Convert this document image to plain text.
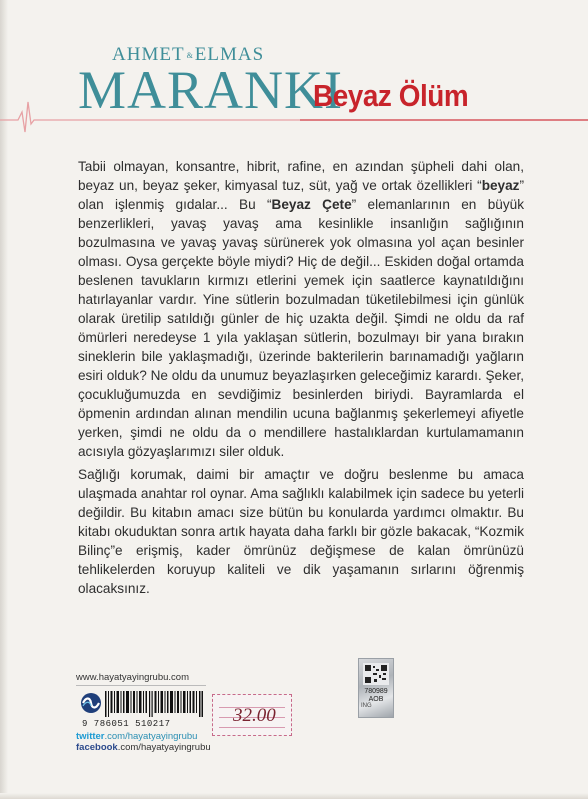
AHMET & ELMAS
MARANKI
Beyaz Ölüm

Tabii olmayan, konsantre, hibrit, rafine, en azından şüpheli dahi olan, beyaz un, beyaz şeker, kimyasal tuz, süt, yağ ve ortak özellikleri “beyaz” olan işlenmiş gıdalar... Bu “Beyaz Çete” elemanlarının en büyük benzerlikleri, yavaş yavaş ama kesinlikle insanlığın sağlığının bozulmasına ve yavaş yavaş sürünerek yok olmasına yol açan besinler olması. Oysa gerçekte böyle miydi? Hiç de değil... Eskiden doğal ortamda beslenen tavukların kırmızı etlerini yemek için saatlerce kaynatıldığını hatırlayanlar vardır. Yine sütlerin bozulmadan tüketilebilmesi için günlük olarak üretilip satıldığı günler de hiç uzakta değil. Şimdi ne oldu da raf ömürleri neredeyse 1 yıla yaklaşan sütlerin, bozulmayı bir yana bırakın sineklerin bile yaklaşmadığı, üzerinde bakterilerin barınamadığı yağların esiri olduk? Ne oldu da unumuz beyazlaşırken geleceğimiz karardı. Şeker, çocukluğumuzda en sevdiğimiz besinlerden biriydi. Bayramlarda el öpmenin ardından alınan mendilin ucuna bağlanmış şekerlemeyi afiyetle yerken, şimdi ne oldu da o mendillere hastalıklardan kurtulamamanın acısıyla gözyaşlarımızı siler olduk.

Sağlığı korumak, daimi bir amaçtır ve doğru beslenme bu amaca ulaşmada anahtar rol oynar. Ama sağlıklı kalabilmek için sadece bu yeterli değildir. Bu kitabın amacı size bütün bu konularda yardımcı olmaktır. Bu kitabı okuduktan sonra artık hayata daha farklı bir gözle bakacak, “Kozmik Bilinç”e erişmiş, kader ömrünüz değişmese de kalan ömrünüzü tehlikelerden koruyup kaliteli ve dik yaşamanın sırlarını öğrenmiş olacaksınız.

www.hayatyayingrubu.com
9 786051 510217
twitter.com/hayatyayingrubu
facebook.com/hayatyayingrubu
32.00	ING
780989
AOB
